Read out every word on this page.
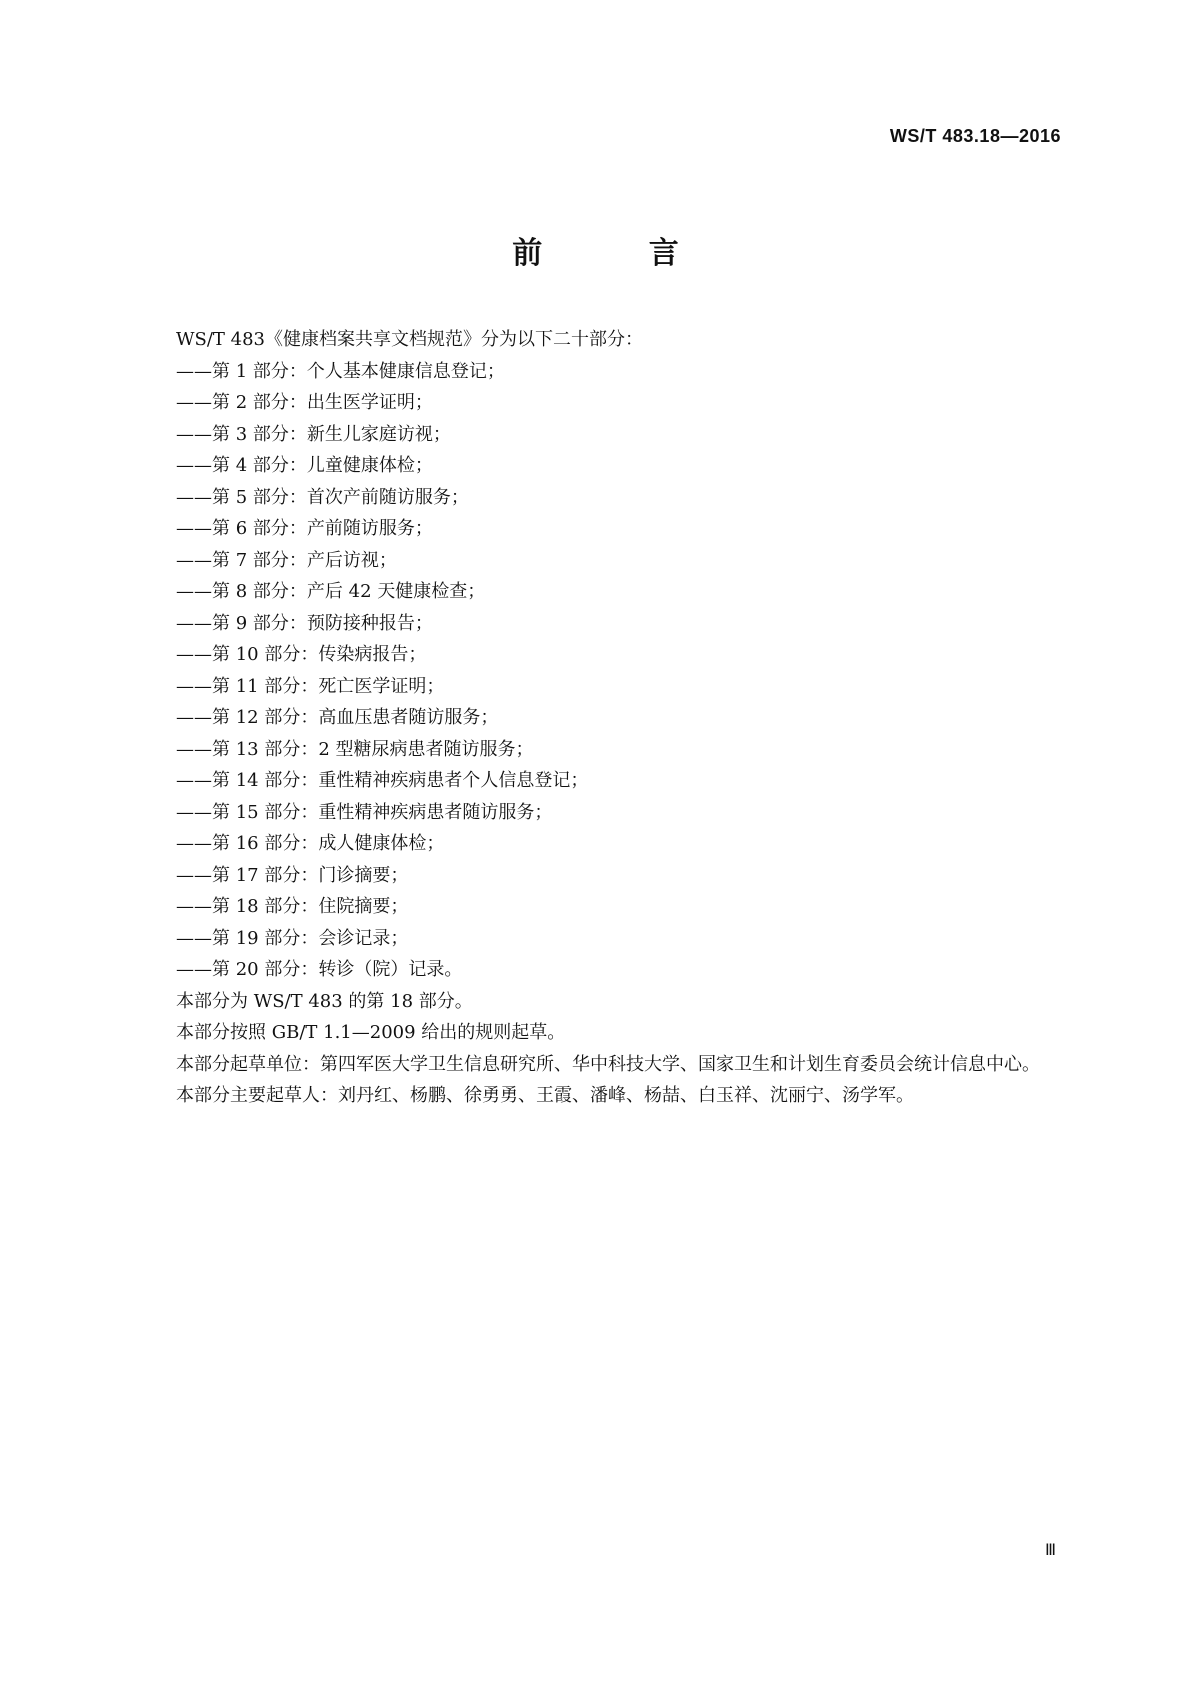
WS/T 483.18—2016
前 言

WS/T 483《健康档案共享文档规范》分为以下二十部分：

——第 1 部分：个人基本健康信息登记；

——第 2 部分：出生医学证明；

——第 3 部分：新生儿家庭访视；

——第 4 部分：儿童健康体检；

——第 5 部分：首次产前随访服务；

——第 6 部分：产前随访服务；

——第 7 部分：产后访视；

——第 8 部分：产后 42 天健康检查；

——第 9 部分：预防接种报告；

——第 10 部分：传染病报告；

——第 11 部分：死亡医学证明；

——第 12 部分：高血压患者随访服务；

——第 13 部分：2 型糖尿病患者随访服务；

——第 14 部分：重性精神疾病患者个人信息登记；

——第 15 部分：重性精神疾病患者随访服务；

——第 16 部分：成人健康体检；

——第 17 部分：门诊摘要；

——第 18 部分：住院摘要；

——第 19 部分：会诊记录；

——第 20 部分：转诊（院）记录。

本部分为 WS/T 483 的第 18 部分。

本部分按照 GB/T 1.1—2009 给出的规则起草。

本部分起草单位：第四军医大学卫生信息研究所、华中科技大学、国家卫生和计划生育委员会统计信息中心。

本部分主要起草人：刘丹红、杨鹏、徐勇勇、王霞、潘峰、杨喆、白玉祥、沈丽宁、汤学军。

Ⅲ
